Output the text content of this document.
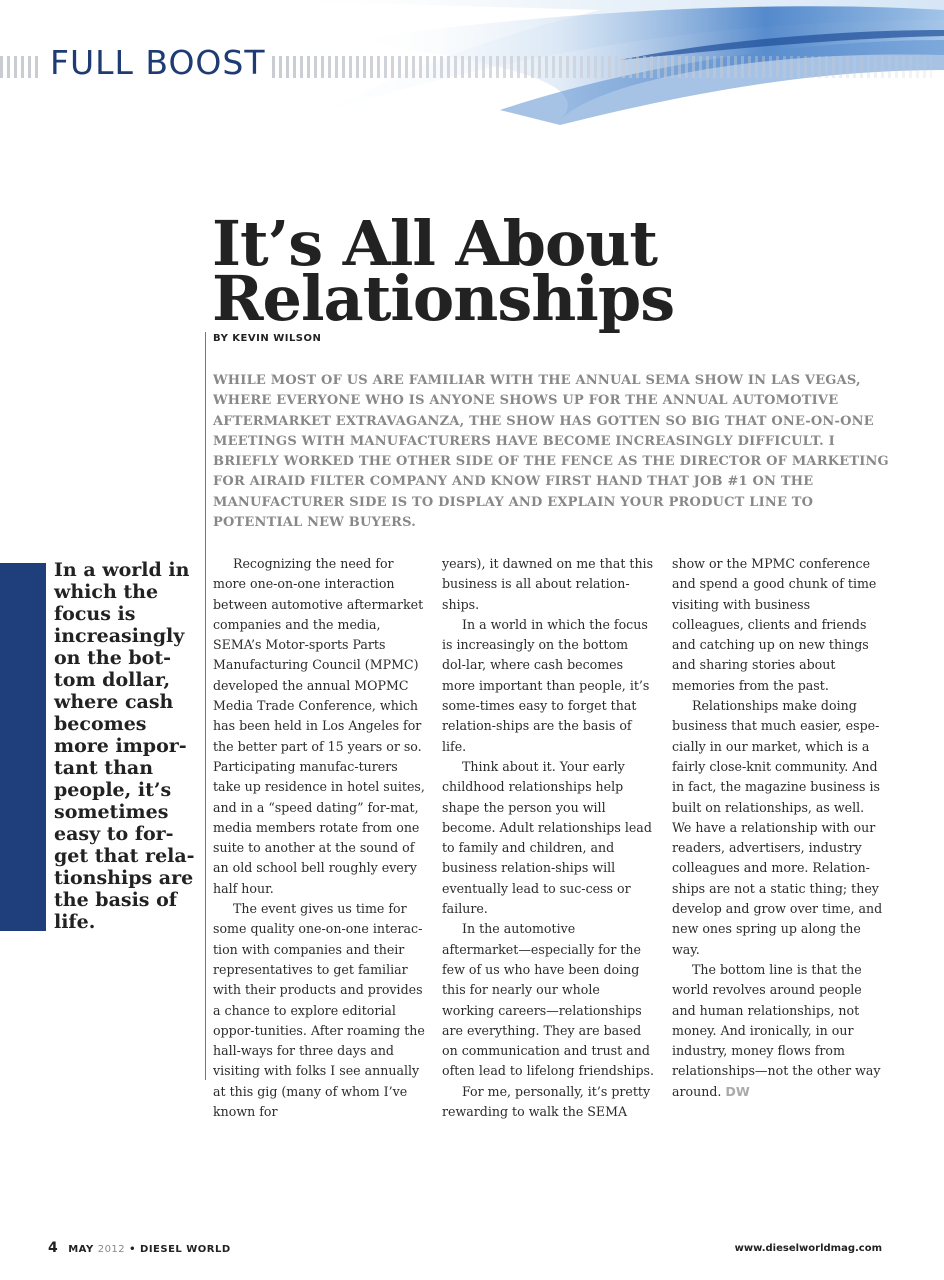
FULL BOOST
It’s All About
Relationships
BY KEVIN WILSON

WHILE MOST OF US ARE FAMILIAR WITH THE ANNUAL SEMA SHOW IN LAS VEGAS, WHERE EVERYONE WHO IS ANYONE SHOWS UP FOR THE ANNUAL AUTOMOTIVE AFTERMARKET EXTRAVAGANZA, THE SHOW HAS GOTTEN SO BIG THAT ONE-ON-ONE MEETINGS WITH MANUFACTURERS HAVE BECOME INCREASINGLY DIFFICULT. I BRIEFLY WORKED THE OTHER SIDE OF THE FENCE AS THE DIRECTOR OF MARKETING FOR AIRAID FILTER COMPANY AND KNOW FIRST HAND THAT JOB #1 ON THE MANUFACTURER SIDE IS TO DISPLAY AND EXPLAIN YOUR PRODUCT LINE TO POTENTIAL NEW BUYERS.

In a world in which the focus is increasingly on the bot-tom dollar, where cash becomes more impor-tant than people, it’s sometimes easy to for-get that rela-tionships are the basis of life.

Recognizing the need for more one-on-one interaction between automotive aftermarket companies and the media, SEMA’s Motor-sports Parts Manufacturing Council (MPMC) developed the annual MOPMC Media Trade Conference, which has been held in Los Angeles for the better part of 15 years or so. Participating manufac-turers take up residence in hotel suites, and in a “speed dating” for-mat, media members rotate from one suite to another at the sound of an old school bell roughly every half hour.

The event gives us time for some quality one-on-one interac-tion with companies and their representatives to get familiar with their products and provides a chance to explore editorial oppor-tunities. After roaming the hall-ways for three days and visiting with folks I see annually at this gig (many of whom I’ve known for

years), it dawned on me that this business is all about relation-ships.

In a world in which the focus is increasingly on the bottom dol-lar, where cash becomes more important than people, it’s some-times easy to forget that relation-ships are the basis of life.

Think about it. Your early childhood relationships help shape the person you will become. Adult relationships lead to family and children, and business relation-ships will eventually lead to suc-cess or failure.

In the automotive aftermarket—especially for the few of us who have been doing this for nearly our whole working careers—relationships are everything. They are based on communication and trust and often lead to lifelong friendships.

For me, personally, it’s pretty rewarding to walk the SEMA

show or the MPMC conference and spend a good chunk of time visiting with business colleagues, clients and friends and catching up on new things and sharing stories about memories from the past.

Relationships make doing business that much easier, espe-cially in our market, which is a fairly close-knit community. And in fact, the magazine business is built on relationships, as well. We have a relationship with our readers, advertisers, industry colleagues and more. Relation-ships are not a static thing; they develop and grow over time, and new ones spring up along the way.

The bottom line is that the world revolves around people and human relationships, not money. And ironically, in our industry, money flows from relationships—not the other way around. DW

4 MAY 2012 • DIESEL WORLD	www.dieselworldmag.com
